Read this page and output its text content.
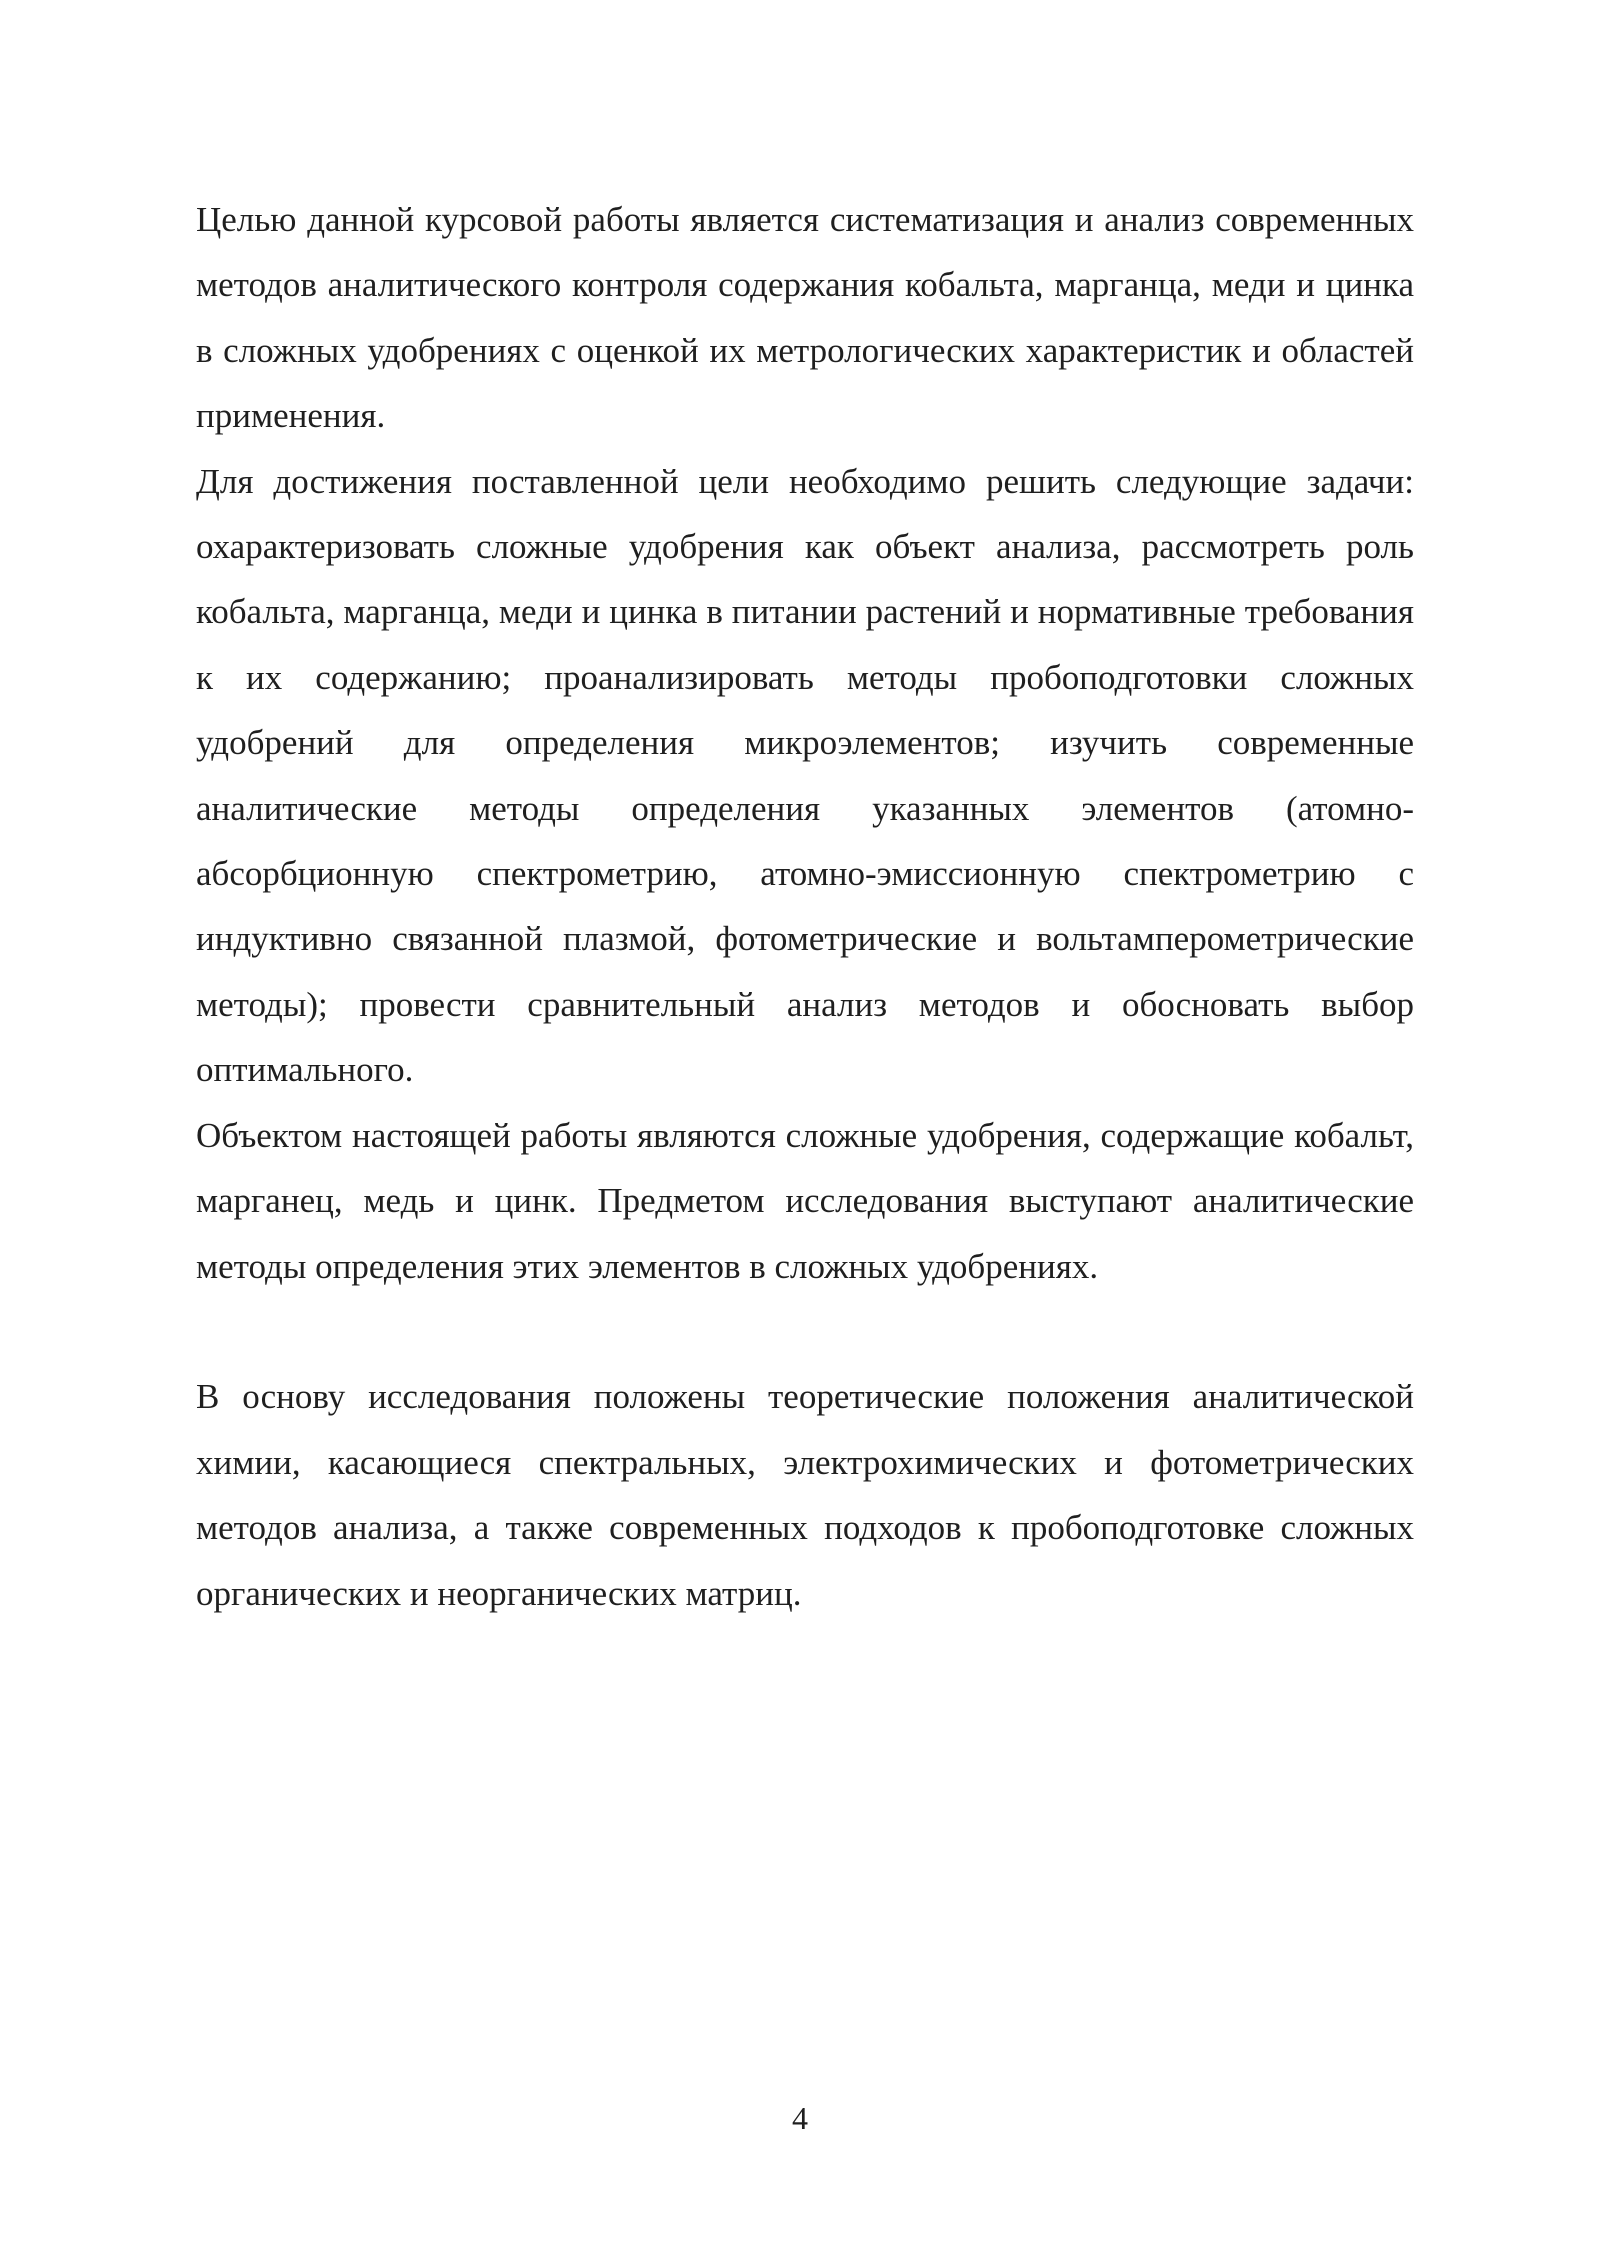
Целью данной курсовой работы является систематизация и анализ современных методов аналитического контроля содержания кобальта, марганца, меди и цинка в сложных удобрениях с оценкой их метрологических характеристик и областей применения.

Для достижения поставленной цели необходимо решить следующие задачи: охарактеризовать сложные удобрения как объект анализа, рассмотреть роль кобальта, марганца, меди и цинка в питании растений и нормативные требования к их содержанию; проанализировать методы пробоподготовки сложных удобрений для определения микроэлементов; изучить современные аналитические методы определения указанных элементов (атомно-абсорбционную спектрометрию, атомно-эмиссионную спектрометрию с индуктивно связанной плазмой, фотометрические и вольтамперометрические методы); провести сравнительный анализ методов и обосновать выбор оптимального.

Объектом настоящей работы являются сложные удобрения, содержащие кобальт, марганец, медь и цинк. Предметом исследования выступают аналитические методы определения этих элементов в сложных удобрениях.

В основу исследования положены теоретические положения аналитической химии, касающиеся спектральных, электрохимических и фотометрических методов анализа, а также современных подходов к пробоподготовке сложных органических и неорганических матриц.

4
